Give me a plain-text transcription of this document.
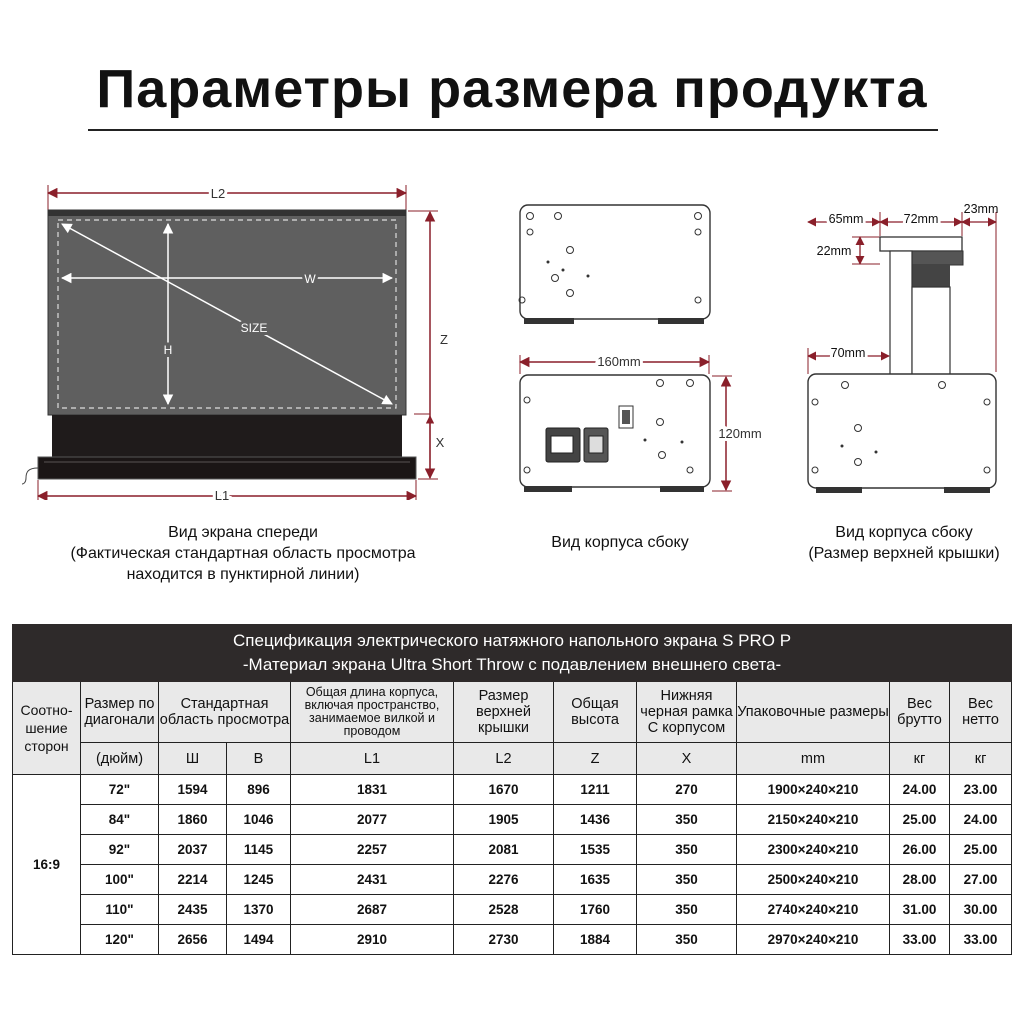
Параметры размера продукта
L2
W
SIZE
H
Z
X
L1
160mm
120mm
65mm	72mm
23mm
22mm
70mm
Вид экрана спереди
(Фактическая стандартная область просмотра
находится в пунктирной линии)
Вид корпуса сбоку
Вид корпуса сбоку
(Размер верхней крышки)
Спецификация электрического натяжного напольного экрана S PRO P
-Материал экрана Ultra Short Throw с подавлением внешнего света-										

Соотно-шение сторон	Размер по диагонали	Стандартная область просмотра		Общая длина корпуса, включая пространство, занимаемое вилкой и проводом	Размер верхней крышки	Общая высота	Нижняя черная рамка С корпусом	Упаковочные размеры	Вес брутто	Вес нетто
	(дюйм)	Ш	В	L1	L2	Z	X	mm	кг	кг
16:9	72"	1594	896	1831	1670	1211	270	1900×240×210	24.00	23.00
	84"	1860	1046	2077	1905	1436	350	2150×240×210	25.00	24.00
	92"	2037	1145	2257	2081	1535	350	2300×240×210	26.00	25.00
	100"	2214	1245	2431	2276	1635	350	2500×240×210	28.00	27.00
	110"	2435	1370	2687	2528	1760	350	2740×240×210	31.00	30.00
	120"	2656	1494	2910	2730	1884	350	2970×240×210	33.00	33.00
